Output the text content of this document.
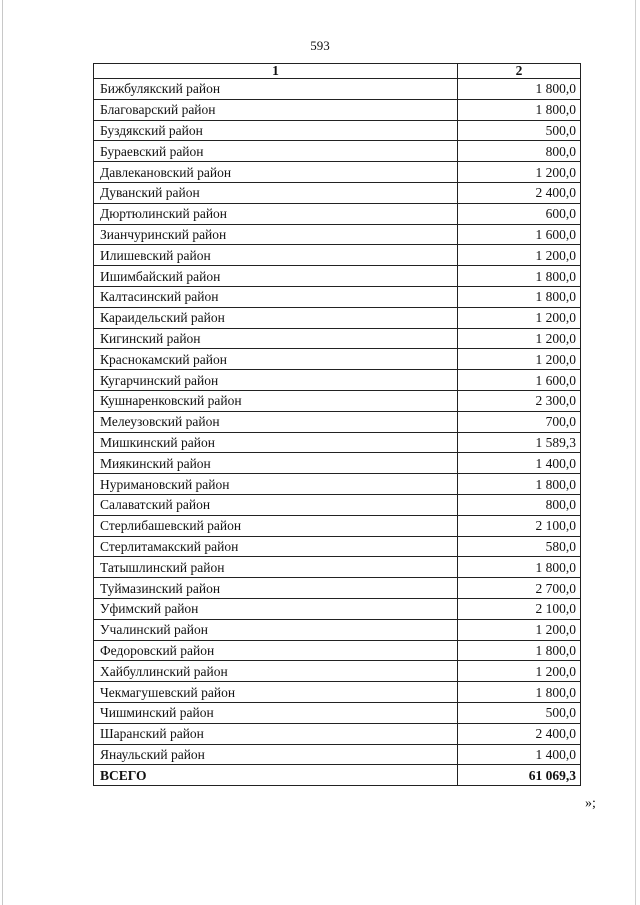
593
1	2
Бижбулякский район	1 800,0
Благоварский район	1 800,0
Буздякский район	500,0
Бураевский район	800,0
Давлекановский район	1 200,0
Дуванский район	2 400,0
Дюртюлинский район	600,0
Зианчуринский район	1 600,0
Илишевский район	1 200,0
Ишимбайский район	1 800,0
Калтасинский район	1 800,0
Караидельский район	1 200,0
Кигинский район	1 200,0
Краснокамский район	1 200,0
Кугарчинский район	1 600,0
Кушнаренковский район	2 300,0
Мелеузовский район	700,0
Мишкинский район	1 589,3
Миякинский район	1 400,0
Нуримановский район	1 800,0
Салаватский район	800,0
Стерлибашевский район	2 100,0
Стерлитамакский район	580,0
Татышлинский район	1 800,0
Туймазинский район	2 700,0
Уфимский район	2 100,0
Учалинский район	1 200,0
Федоровский район	1 800,0
Хайбуллинский район	1 200,0
Чекмагушевский район	1 800,0
Чишминский район	500,0
Шаранский район	2 400,0
Янаульский район	1 400,0
ВСЕГО	61 069,3
»;
